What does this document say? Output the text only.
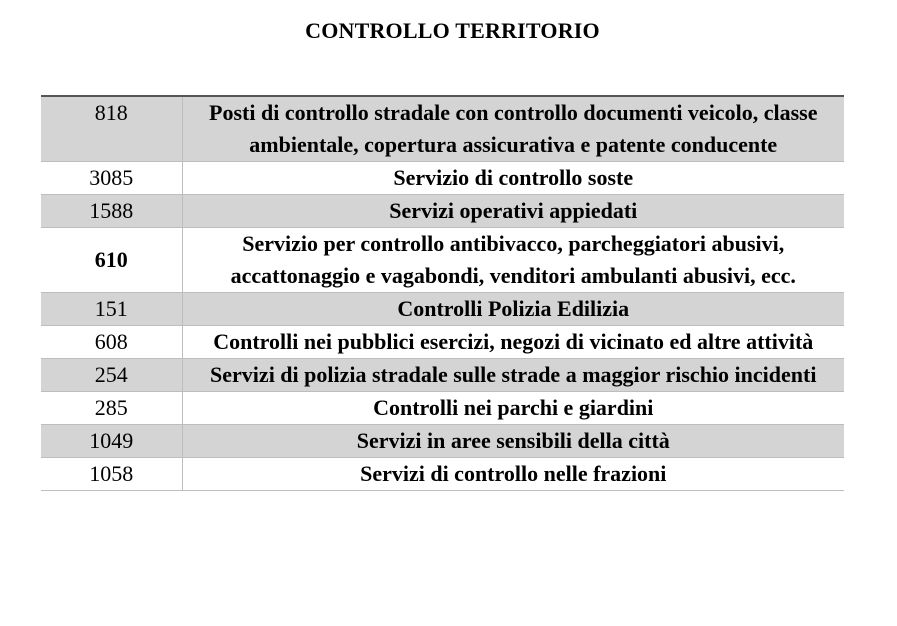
CONTROLLO TERRITORIO
818	Posti di controllo stradale con controllo documenti veicolo, classe ambientale, copertura assicurativa e patente conducente
3085	Servizio di controllo soste
1588	Servizi operativi appiedati
610	Servizio per controllo antibivacco, parcheggiatori abusivi, accattonaggio e vagabondi, venditori ambulanti abusivi, ecc.
151	Controlli Polizia Edilizia
608	Controlli nei pubblici esercizi, negozi di vicinato ed altre attività
254	Servizi di polizia stradale sulle strade a maggior rischio incidenti
285	Controlli nei parchi e giardini
1049	Servizi in aree sensibili della città
1058	Servizi di controllo nelle frazioni
